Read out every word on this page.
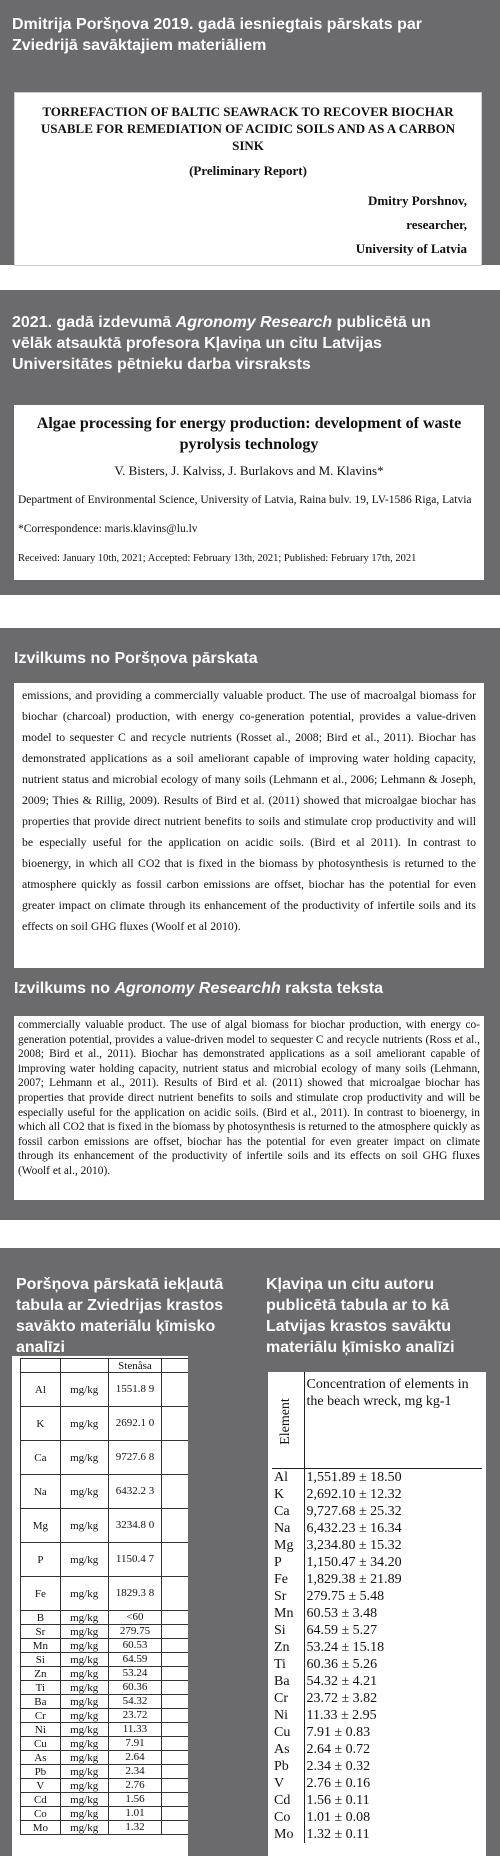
Dmitrija Poršņova 2019. gadā iesniegtais pārskats par Zviedrijā savāktajiem materiāliem
TORREFACTION OF BALTIC SEAWRACK TO RECOVER BIOCHAR USABLE FOR REMEDIATION OF ACIDIC SOILS AND AS A CARBON SINK
(Preliminary Report)
Dmitry Porshnov,
researcher,
University of Latvia
2021. gadā izdevumā Agronomy Research publicētā un vēlāk atsauktā profesora Kļaviņa un citu Latvijas Universitātes pētnieku darba virsraksts
Algae processing for energy production: development of waste pyrolysis technology
V. Bisters, J. Kalviss, J. Burlakovs and M. Klavins*
Department of Environmental Science, University of Latvia, Raina bulv. 19, LV-1586 Riga, Latvia
*Correspondence: maris.klavins@lu.lv
Received: January 10th, 2021; Accepted: February 13th, 2021; Published: February 17th, 2021
Izvilkums no Poršņova pārskata
emissions, and providing a commercially valuable product. The use of macroalgal biomass for biochar (charcoal) production, with energy co-generation potential, provides a value-driven model to sequester C and recycle nutrients (Rosset al., 2008; Bird et al., 2011). Biochar has demonstrated applications as a soil ameliorant capable of improving water holding capacity, nutrient status and microbial ecology of many soils (Lehmann et al., 2006; Lehmann & Joseph, 2009; Thies & Rillig, 2009). Results of Bird et al. (2011) showed that microalgae biochar has properties that provide direct nutrient benefits to soils and stimulate crop productivity and will be especially useful for the application on acidic soils. (Bird et al 2011). In contrast to bioenergy, in which all CO2 that is fixed in the biomass by photosynthesis is returned to the atmosphere quickly as fossil carbon emissions are offset, biochar has the potential for even greater impact on climate through its enhancement of the productivity of infertile soils and its effects on soil GHG fluxes (Woolf et al 2010).
Izvilkums no Agronomy Researchh raksta teksta
commercially valuable product. The use of algal biomass for biochar production, with energy co-generation potential, provides a value-driven model to sequester C and recycle nutrients (Ross et al., 2008; Bird et al., 2011). Biochar has demonstrated applications as a soil ameliorant capable of improving water holding capacity, nutrient status and microbial ecology of many soils (Lehmann, 2007; Lehmann et al., 2011). Results of Bird et al. (2011) showed that microalgae biochar has properties that provide direct nutrient benefits to soils and stimulate crop productivity and will be especially useful for the application on acidic soils. (Bird et al., 2011). In contrast to bioenergy, in which all CO2 that is fixed in the biomass by photosynthesis is returned to the atmosphere quickly as fossil carbon emissions are offset, biochar has the potential for even greater impact on climate through its enhancement of the productivity of infertile soils and its effects on soil GHG fluxes (Woolf et al., 2010).
Poršņova pārskatā iekļautā tabula ar Zviedrijas krastos savākto materiālu ķīmisko analīzi
Kļaviņa un citu autoru publicētā tabula ar to kā Latvijas krastos savāktu materiālu ķīmisko analīzi
		Stenåsa	
Al	mg/kg	1551.8 9	
K	mg/kg	2692.1 0	
Ca	mg/kg	9727.6 8	
Na	mg/kg	6432.2 3	
Mg	mg/kg	3234.8 0	
P	mg/kg	1150.4 7	
Fe	mg/kg	1829.3 8	
B	mg/kg	<60	
Sr	mg/kg	279.75	
Mn	mg/kg	60.53	
Si	mg/kg	64.59	
Zn	mg/kg	53.24	
Ti	mg/kg	60.36	
Ba	mg/kg	54.32	
Cr	mg/kg	23.72	
Ni	mg/kg	11.33	
Cu	mg/kg	7.91	
As	mg/kg	2.64	
Pb	mg/kg	2.34	
V	mg/kg	2.76	
Cd	mg/kg	1.56	
Co	mg/kg	1.01	
Mo	mg/kg	1.32	
Element	Concentration of elements in the beach wreck, mg kg-1
Al	1,551.89 ± 18.50
K	2,692.10 ± 12.32
Ca	9,727.68 ± 25.32
Na	6,432.23 ± 16.34
Mg	3,234.80 ± 15.32
P	1,150.47 ± 34.20
Fe	1,829.38 ± 21.89
Sr	279.75 ± 5.48
Mn	60.53 ± 3.48
Si	64.59 ± 5.27
Zn	53.24 ± 15.18
Ti	60.36 ± 5.26
Ba	54.32 ± 4.21
Cr	23.72 ± 3.82
Ni	11.33 ± 2.95
Cu	7.91 ± 0.83
As	2.64 ± 0.72
Pb	2.34 ± 0.32
V	2.76 ± 0.16
Cd	1.56 ± 0.11
Co	1.01 ± 0.08
Mo	1.32 ± 0.11
